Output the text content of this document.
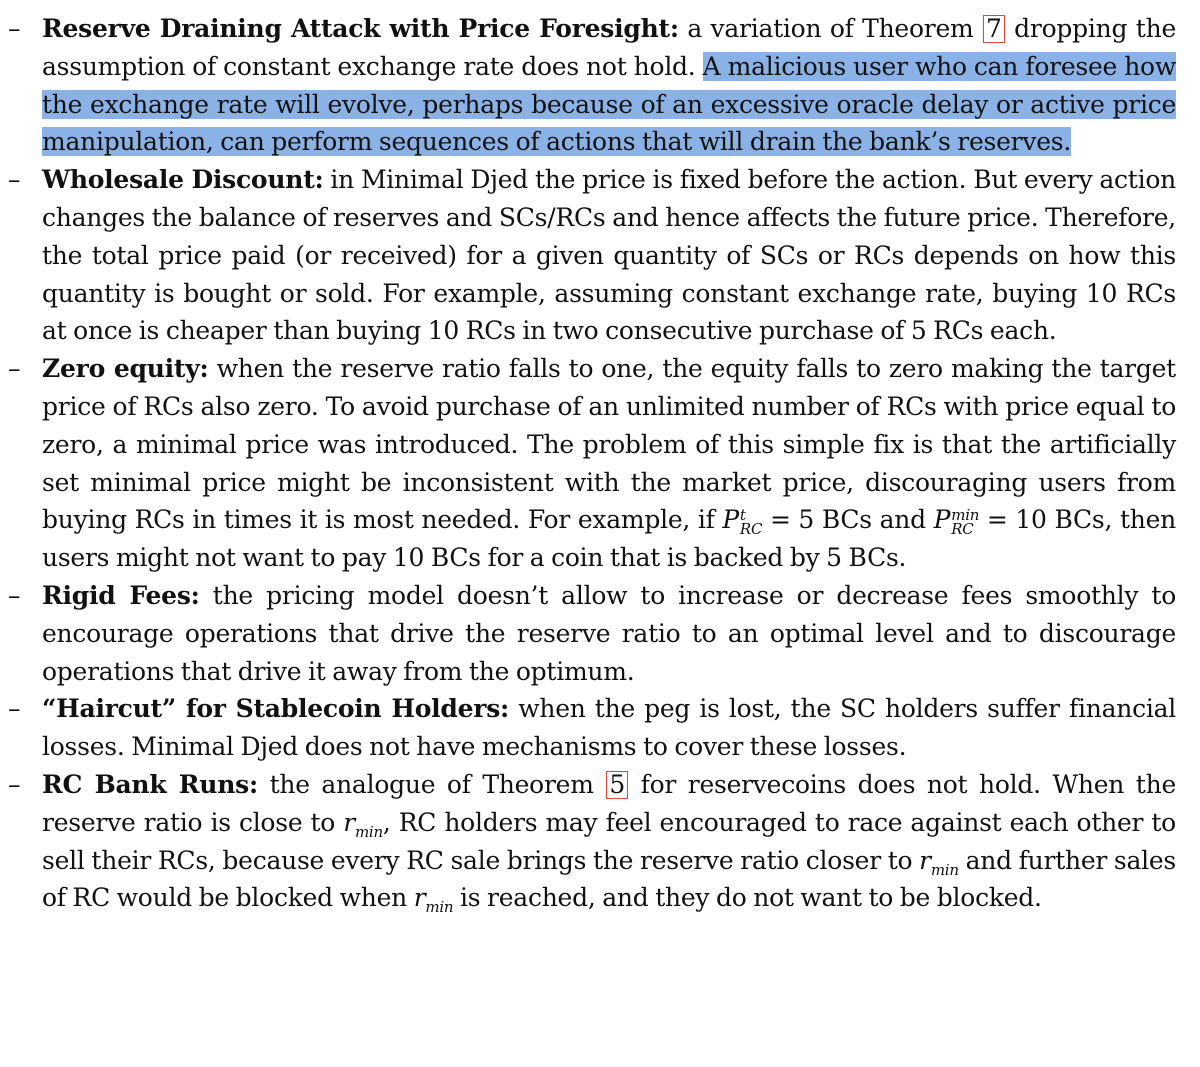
– Reserve Draining Attack with Price Foresight: a variation of Theorem 7 dropping the assumption of constant exchange rate does not hold. A malicious user who can foresee how the exchange rate will evolve, perhaps because of an excessive oracle delay or active price manipulation, can perform sequences of actions that will drain the bank’s reserves.
– Wholesale Discount: in Minimal Djed the price is fixed before the action. But every action changes the balance of reserves and SCs/RCs and hence affects the future price. Therefore, the total price paid (or received) for a given quantity of SCs or RCs depends on how this quantity is bought or sold. For example, assuming constant exchange rate, buying 10 RCs at once is cheaper than buying 10 RCs in two consecutive purchase of 5 RCs each.
– Zero equity: when the reserve ratio falls to one, the equity falls to zero making the target price of RCs also zero. To avoid purchase of an unlimited number of RCs with price equal to zero, a minimal price was introduced. The problem of this simple fix is that the artificially set minimal price might be inconsistent with the market price, discouraging users from buying RCs in times it is most needed. For example, if P t
RC = 5 BCs and P min
RC = 10 BCs, then users might not want to pay 10 BCs for a coin that is backed by 5 BCs.
– Rigid Fees: the pricing model doesn’t allow to increase or decrease fees smoothly to encourage operations that drive the reserve ratio to an optimal level and to discourage operations that drive it away from the optimum.
– “Haircut” for Stablecoin Holders: when the peg is lost, the SC holders suffer financial losses. Minimal Djed does not have mechanisms to cover these losses.
– RC Bank Runs: the analogue of Theorem 5 for reservecoins does not hold. When the reserve ratio is close to $r_{min}$, RC holders may feel encouraged to race against each other to sell their RCs, because every RC sale brings the reserve ratio closer to $r_{min}$ and further sales of RC would be blocked when $r_{min}$ is reached, and they do not want to be blocked.
